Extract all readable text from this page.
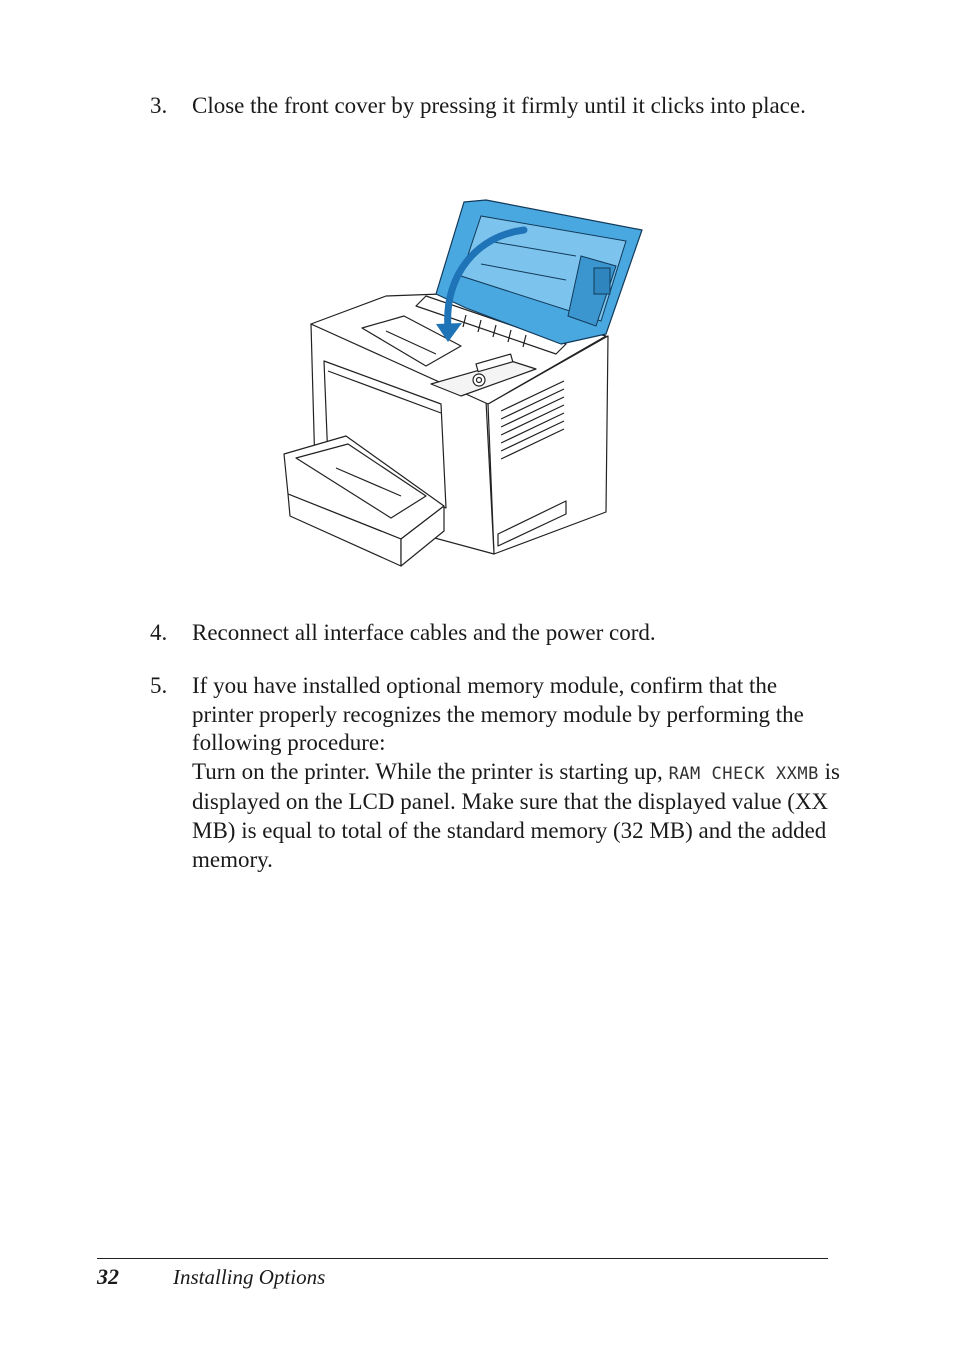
3. Close the front cover by pressing it firmly until it clicks into place.
4. Reconnect all interface cables and the power cord.
5. If you have installed optional memory module, confirm that the printer properly recognizes the memory module by performing the following procedure:
Turn on the printer. While the printer is starting up, RAM CHECK XXMB is displayed on the LCD panel. Make sure that the displayed value (XX MB) is equal to total of the standard memory (32 MB) and the added memory.
32	Installing Options
